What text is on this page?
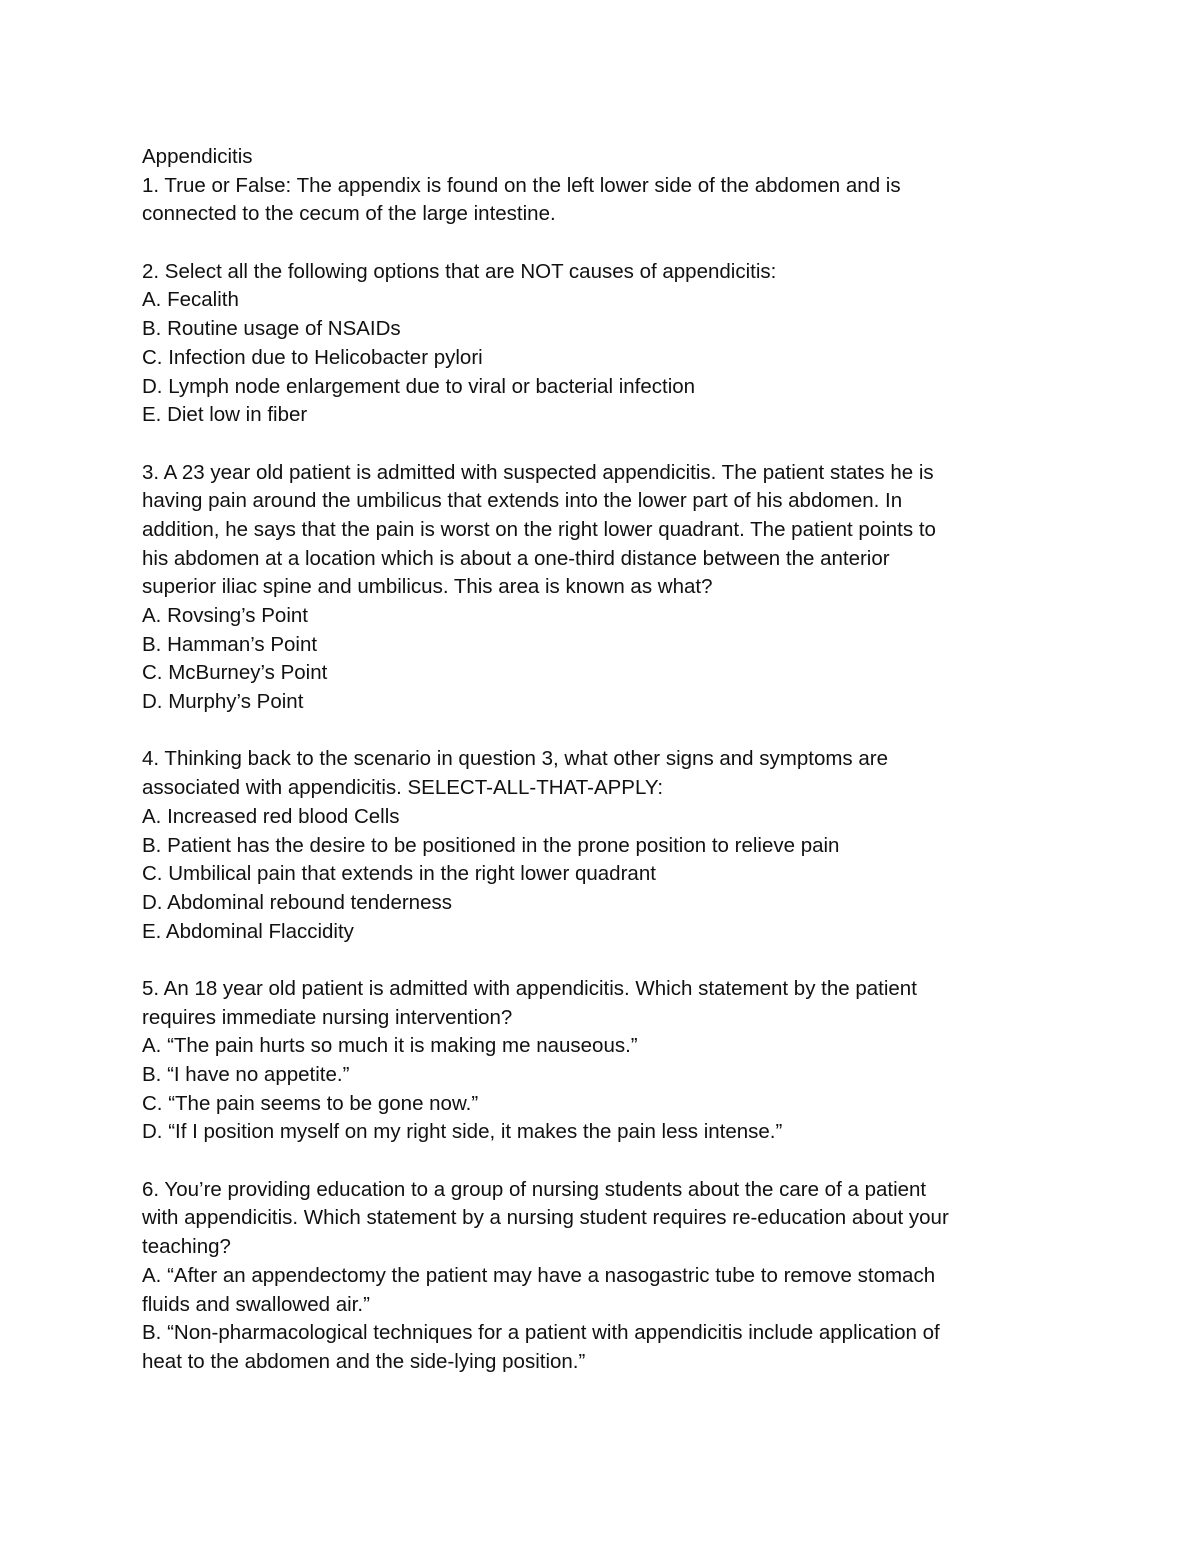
Appendicitis

1. True or False: The appendix is found on the left lower side of the abdomen and is

connected to the cecum of the large intestine.

2. Select all the following options that are NOT causes of appendicitis:

A. Fecalith

B. Routine usage of NSAIDs

C. Infection due to Helicobacter pylori

D. Lymph node enlargement due to viral or bacterial infection

E. Diet low in fiber

3. A 23 year old patient is admitted with suspected appendicitis. The patient states he is

having pain around the umbilicus that extends into the lower part of his abdomen. In

addition, he says that the pain is worst on the right lower quadrant. The patient points to

his abdomen at a location which is about a one-third distance between the anterior

superior iliac spine and umbilicus. This area is known as what?

A. Rovsing’s Point

B. Hamman’s Point

C. McBurney’s Point

D. Murphy’s Point

4. Thinking back to the scenario in question 3, what other signs and symptoms are

associated with appendicitis. SELECT-ALL-THAT-APPLY:

A. Increased red blood Cells

B. Patient has the desire to be positioned in the prone position to relieve pain

C. Umbilical pain that extends in the right lower quadrant

D. Abdominal rebound tenderness

E. Abdominal Flaccidity

5. An 18 year old patient is admitted with appendicitis. Which statement by the patient

requires immediate nursing intervention?

A. “The pain hurts so much it is making me nauseous.”

B. “I have no appetite.”

C. “The pain seems to be gone now.”

D. “If I position myself on my right side, it makes the pain less intense.”

6. You’re providing education to a group of nursing students about the care of a patient

with appendicitis. Which statement by a nursing student requires re-education about your

teaching?

A. “After an appendectomy the patient may have a nasogastric tube to remove stomach

fluids and swallowed air.”

B. “Non-pharmacological techniques for a patient with appendicitis include application of

heat to the abdomen and the side-lying position.”
